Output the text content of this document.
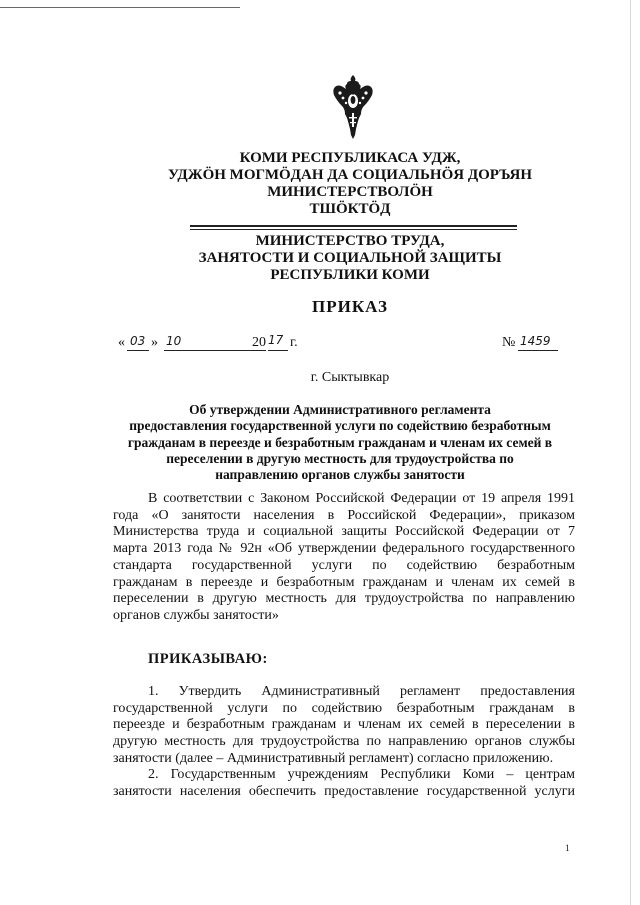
КОМИ РЕСПУБЛИКАСА УДЖ,
УДЖӦН МОГМӦДАН ДА СОЦИАЛЬНӦЯ ДОРЪЯН
МИНИСТЕРСТВОЛӦН
ТШӦКТӦД
МИНИСТЕРСТВО ТРУДА,
ЗАНЯТОСТИ И СОЦИАЛЬНОЙ ЗАЩИТЫ
РЕСПУБЛИКИ КОМИ
ПРИКАЗ
« 03 » 10	20 17 г.	№ 1459
г. Сыктывкар
Об утверждении Административного регламента
предоставления государственной услуги по содействию безработным
гражданам в переезде и безработным гражданам и членам их семей в
переселении в другую местность для трудоустройства по
направлению органов службы занятости
В соответствии с Законом Российской Федерации от 19 апреля 1991
года «О занятости населения в Российской Федерации», приказом
Министерства труда и социальной защиты Российской Федерации от 7
марта 2013 года № 92н «Об утверждении федерального государственного
стандарта государственной услуги по содействию безработным
гражданам в переезде и безработным гражданам и членам их семей в
переселении в другую местность для трудоустройства по направлению
органов службы занятости»
ПРИКАЗЫВАЮ:
1. Утвердить Административный регламент предоставления
государственной услуги по содействию безработным гражданам в
переезде и безработным гражданам и членам их семей в переселении в
другую местность для трудоустройства по направлению органов службы
занятости (далее – Административный регламент) согласно приложению.
2. Государственным учреждениям Республики Коми – центрам
занятости населения обеспечить предоставление государственной услуги
1
